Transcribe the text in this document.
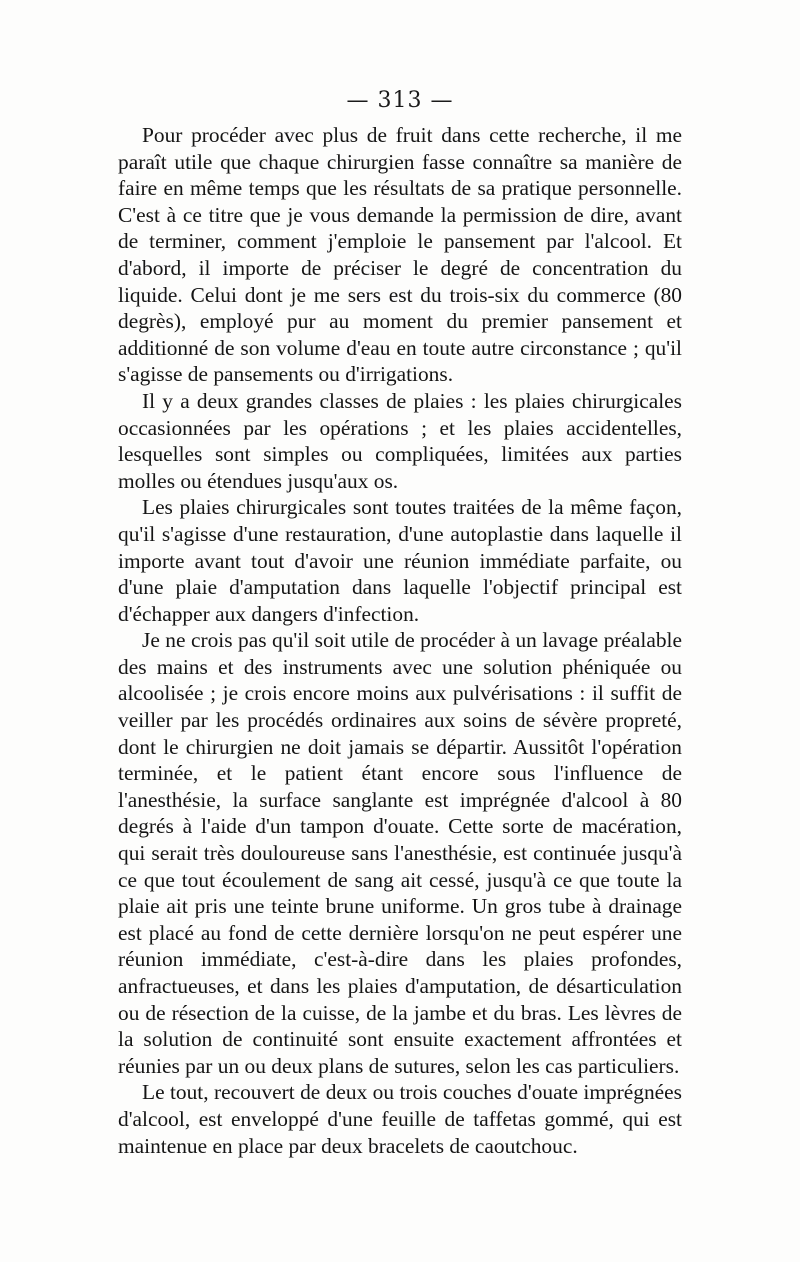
— 313 —

Pour procéder avec plus de fruit dans cette recherche, il me paraît utile que chaque chirurgien fasse connaître sa manière de faire en même temps que les résultats de sa pratique personnelle. C'est à ce titre que je vous demande la permission de dire, avant de terminer, comment j'emploie le pansement par l'alcool. Et d'abord, il importe de préciser le degré de concentration du liquide. Celui dont je me sers est du trois-six du commerce (80 degrès), employé pur au moment du premier pansement et additionné de son volume d'eau en toute autre circonstance ; qu'il s'agisse de pansements ou d'irrigations.

Il y a deux grandes classes de plaies : les plaies chirurgicales occasionnées par les opérations ; et les plaies accidentelles, lesquelles sont simples ou compliquées, limitées aux parties molles ou étendues jusqu'aux os.

Les plaies chirurgicales sont toutes traitées de la même façon, qu'il s'agisse d'une restauration, d'une autoplastie dans laquelle il importe avant tout d'avoir une réunion immédiate parfaite, ou d'une plaie d'amputation dans laquelle l'objectif principal est d'échapper aux dangers d'infection.

Je ne crois pas qu'il soit utile de procéder à un lavage préalable des mains et des instruments avec une solution phéniquée ou alcoolisée ; je crois encore moins aux pulvérisations : il suffit de veiller par les procédés ordinaires aux soins de sévère propreté, dont le chirurgien ne doit jamais se départir. Aussitôt l'opération terminée, et le patient étant encore sous l'influence de l'anesthésie, la surface sanglante est imprégnée d'alcool à 80 degrés à l'aide d'un tampon d'ouate. Cette sorte de macération, qui serait très douloureuse sans l'anesthésie, est continuée jusqu'à ce que tout écoulement de sang ait cessé, jusqu'à ce que toute la plaie ait pris une teinte brune uniforme. Un gros tube à drainage est placé au fond de cette dernière lorsqu'on ne peut espérer une réunion immédiate, c'est-à-dire dans les plaies profondes, anfractueuses, et dans les plaies d'amputation, de désarticulation ou de résection de la cuisse, de la jambe et du bras. Les lèvres de la solution de continuité sont ensuite exactement affrontées et réunies par un ou deux plans de sutures, selon les cas particuliers.

Le tout, recouvert de deux ou trois couches d'ouate imprégnées d'alcool, est enveloppé d'une feuille de taffetas gommé, qui est maintenue en place par deux bracelets de caoutchouc.
